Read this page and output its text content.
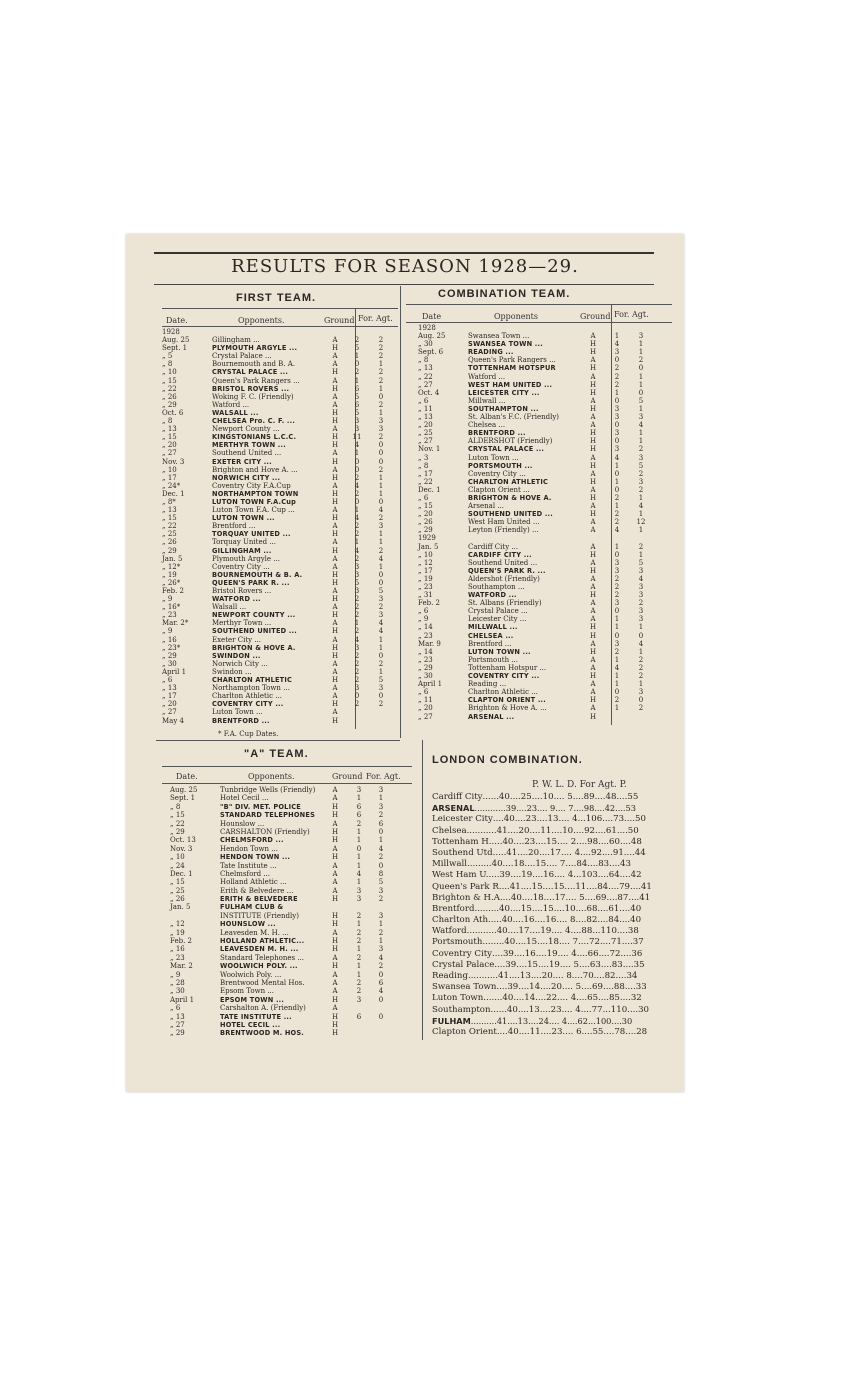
RESULTS FOR SEASON 1928—29.
FIRST TEAM.
Date.	Opponents.	Ground For. Agt.
1928
Aug. 25	Gillingham ...	A	2	2
Sept. 1	PLYMOUTH ARGYLE ...	H	5	2
„ 5	Crystal Palace ...	A	1	2
„ 8	Bournemouth and B. A.	A	0	1
„ 10	CRYSTAL PALACE ...	H	2	2
„ 15	Queen's Park Rangers ...	A	1	2
„ 22	BRISTOL ROVERS ...	H	6	1
„ 26	Woking F. C. (Friendly)	A	5	0
„ 29	Watford ...	A	6	2
Oct. 6	WALSALL ...	H	5	1
„ 8	CHELSEA Pro. C. F. ...	H	3	3
„ 13	Newport County ...	A	3	3
„ 15	KINGSTONIANS L.C.C.	H 11	2
„ 20	MERTHYR TOWN ...	H	4	0
„ 27	Southend United ...	A	1	0
Nov. 3	EXETER CITY ...	H	0	0
„ 10	Brighton and Hove A. ...	A	0	2
„ 17	NORWICH CITY ...	H	2	1
„ 24*	Coventry City F.A.Cup	A	4	1
Dec. 1	NORTHAMPTON TOWN	H	2	1
„ 8*	LUTON TOWN F.A.Cup	H	0	0
„ 13	Luton Town F.A. Cup ...	A	1	4
„ 15	LUTON TOWN ...	H	4	2
„ 22	Brentford ...	A	2	3
„ 25	TORQUAY UNITED ...	H	2	1
„ 26	Torquay United ...	A	1	1
„ 29	GILLINGHAM ...	H	4	2
Jan. 5	Plymouth Argyle ...	A	2	4
„ 12*	Coventry City ...	A	3	1
„ 19	BOURNEMOUTH & B. A.	H	3	0
„ 26*	QUEEN'S PARK R. ...	H	5	0
Feb. 2	Bristol Rovers ...	A	3	5
„ 9	WATFORD ...	H	2	3
„ 16*	Walsall ...	A	2	2
„ 23	NEWPORT COUNTY ...	H	2	3
Mar. 2*	Merthyr Town ...	A	1	4
„ 9	SOUTHEND UNITED ...	H	2	4
„ 16	Exeter City ...	A	4	1
„ 23*	BRIGHTON & HOVE A.	H	3	1
„ 29	SWINDON ...	H	2	0
„ 30	Norwich City ...	A	2	2
April 1	Swindon ...	A	2	1
„ 6	CHARLTON ATHLETIC	H	2	5
„ 13	Northampton Town ...	A	3	3
„ 17	Charlton Athletic ...	A	0	0
„ 20	COVENTRY CITY ...	H	2	2
„ 27	Luton Town ...	A
May 4	BRENTFORD ...	H
* F.A. Cup Dates.
COMBINATION TEAM.
Date	Opponents	Ground For. Agt.
1928
Aug. 25	Swansea Town ...	A	1	3
„ 30	SWANSEA TOWN ...	H	4	1
Sept. 6	READING ...	H	3	1
„ 8	Queen's Park Rangers ...	A	0	2
„ 13	TOTTENHAM HOTSPUR	H	2	0
„ 22	Watford ...	A	2	1
„ 27	WEST HAM UNITED ...	H	2	1
Oct. 4	LEICESTER CITY ...	H	1	0
„ 6	Millwall ...	A	0	5
„ 11	SOUTHAMPTON ...	H	3	1
„ 13	St. Alban's F.C. (Friendly)	A	3	3
„ 20	Chelsea ...	A	0	4
„ 25	BRENTFORD ...	H	3	1
„ 27	ALDERSHOT (Friendly)	H	0	1
Nov. 1	CRYSTAL PALACE ...	H	3	2
„ 3	Luton Town ...	A	4	3
„ 8	PORTSMOUTH ...	H	1	5
„ 17	Coventry City ...	A	0	2
„ 22	CHARLTON ATHLETIC	H	1	3
Dec. 1	Clapton Orient ...	A	0	2
„ 6	BRIGHTON & HOVE A.	H	2	1
„ 15	Arsenal ...	A	1	4
„ 20	SOUTHEND UNITED ...	H	2	1
„ 26	West Ham United ...	A	2	12
„ 29	Leyton (Friendly) ...	A	4	1
1929
Jan. 5	Cardiff City ...	A	1	2
„ 10	CARDIFF CITY ...	H	0	1
„ 12	Southend United ...	A	3	5
„ 17	QUEEN'S PARK R. ...	H	3	3
„ 19	Aldershot (Friendly)	A	2	4
„ 23	Southampton ...	A	2	3
„ 31	WATFORD ...	H	2	3
Feb. 2	St. Albans (Friendly)	A	3	2
„ 6	Crystal Palace ...	A	0	3
„ 9	Leicester City ...	A	1	3
„ 14	MILLWALL ...	H	1	1
„ 23	CHELSEA ...	H	0	0
Mar. 9	Brentford ...	A	3	4
„ 14	LUTON TOWN ...	H	2	1
„ 23	Portsmouth ...	A	1	2
„ 29	Tottenham Hotspur ...	A	4	2
„ 30	COVENTRY CITY ...	H	1	2
April 1	Reading ...	A	1	1
„ 6	Charlton Athletic ...	A	0	3
„ 11	CLAPTON ORIENT ...	H	2	0
„ 20	Brighton & Hove A. ...	A	1	2
„ 27	ARSENAL ...	H
"A" TEAM.
Date.	Opponents.	Ground For. Agt.
Aug. 25	Tunbridge Wells (Friendly)	A	3	3
Sept. 1	Hotel Cecil ...	A	1	1
„ 8	"B" DIV. MET. POLICE	H	6	3
„ 15	STANDARD TELEPHONES	H	6	2
„ 22	Hounslow ...	A	2	6
„ 29	CARSHALTON (Friendly)	H	1	0
Oct. 13	CHELMSFORD ...	H	1	1
Nov. 3	Hendon Town ...	A	0	4
„ 10	HENDON TOWN ...	H	1	2
„ 24	Tate Institute ...	A	1	0
Dec. 1	Chelmsford ...	A	4	8
„ 15	Holland Athletic ...	A	1	5
„ 25	Erith & Belvedere ...	A	3	3
„ 26	ERITH & BELVEDERE	H	3	2
Jan. 5	FULHAM CLUB &
INSTITUTE (Friendly)	H	2	3
„ 12	HOUNSLOW ...	H	1	1
„ 19	Leavesden M. H. ...	A	2	2
Feb. 2	HOLLAND ATHLETIC...	H	2	1
„ 16	LEAVESDEN M. H. ...	H	1	3
„ 23	Standard Telephones ...	A	2	4
Mar. 2	WOOLWICH POLY. ...	H	1	2
„ 9	Woolwich Poly. ...	A	1	0
„ 28	Brentwood Mental Hos.	A	2	6
„ 30	Epsom Town ...	A	2	4
April 1	EPSOM TOWN ...	H	3	0
„ 6	Carshalton A. (Friendly)	A
„ 13	TATE INSTITUTE ...	H	6	0
„ 27	HOTEL CECIL ...	H
„ 29	BRENTWOOD M. HOS.	H
LONDON COMBINATION.
P. W. L. D. For Agt. P.
Cardiff City......40....25....10.... 5....89....48....55
ARSENAL............39....23.... 9.... 7....98....42....53
Leicester City....40....23....13.... 4...106....73....50
Chelsea...........41....20....11....10....92....61....50
Tottenham H.....40....23....15.... 2....98....60....48
Southend Utd.....41....20....17.... 4....92....91....44
Millwall.........40....18....15.... 7....84....83....43
West Ham U.....39....19....16.... 4...103....64....42
Queen's Park R....41....15....15....11....84....79....41
Brighton & H.A....40....18....17.... 5....69....87....41
Brentford.........40....15....15....10....68....61....40
Charlton Ath.....40....16....16.... 8....82....84....40
Watford...........40....17....19.... 4....88...110....38
Portsmouth........40....15....18.... 7....72....71....37
Coventry City....39....16....19.... 4....66....72....36
Crystal Palace....39....15....19.... 5....63....83....35
Reading...........41....13....20.... 8....70....82....34
Swansea Town....39....14....20.... 5....69....88....33
Luton Town.......40....14....22.... 4....65....85....32
Southampton......40....13....23.... 4....77...110....30
FULHAM..........41....13....24.... 4....62...100....30
Clapton Orient....40....11....23.... 6....55....78....28
